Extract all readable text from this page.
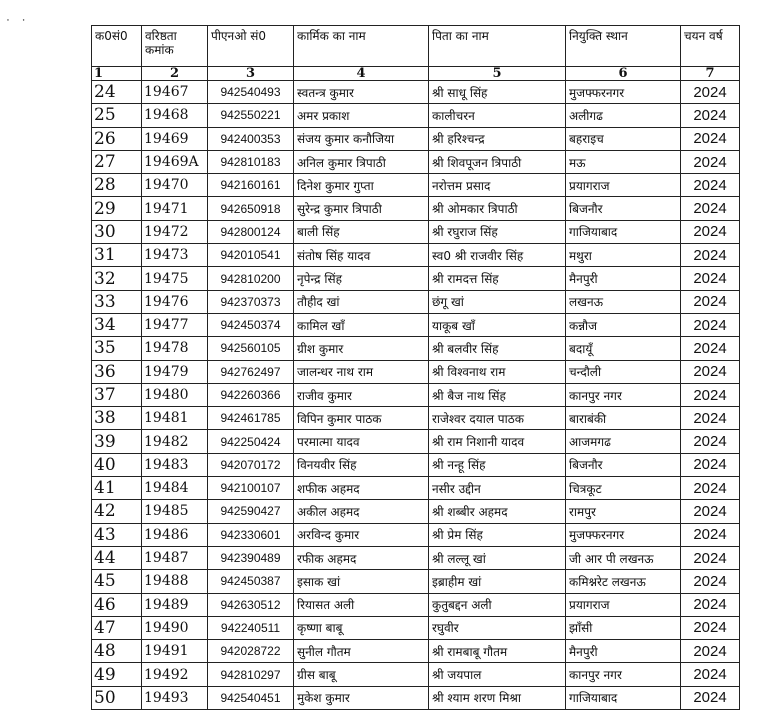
ॱ ॱ
क0सं0	वरिष्ठता कमांक	पीएनओ सं0	कार्मिक का नाम	पिता का नाम	नियुक्ति स्थान	चयन वर्ष
1	2	3	4	5	6	7
24	19467	942540493	स्वतन्त्र कुमार	श्री साधू सिंह	मुजफ्फरनगर	2024
25	19468	942550221	अमर प्रकाश	कालीचरन	अलीगढ	2024
26	19469	942400353	संजय कुमार कनौजिया	श्री हरिश्चन्द्र	बहराइच	2024
27	19469A	942810183	अनिल कुमार त्रिपाठी	श्री शिवपूजन त्रिपाठी	मऊ	2024
28	19470	942160161	दिनेश कुमार गुप्ता	नरोत्तम प्रसाद	प्रयागराज	2024
29	19471	942650918	सुरेन्द्र कुमार त्रिपाठी	श्री ओमकार त्रिपाठी	बिजनौर	2024
30	19472	942800124	बाली सिंह	श्री रघुराज सिंह	गाजियाबाद	2024
31	19473	942010541	संतोष सिंह यादव	स्व0 श्री राजवीर सिंह	मथुरा	2024
32	19475	942810200	नृपेन्द्र सिंह	श्री रामदत्त सिंह	मैनपुरी	2024
33	19476	942370373	तौहीद खां	छंगू खां	लखनऊ	2024
34	19477	942450374	कामिल खाँ	याकूब खाँ	कन्नौज	2024
35	19478	942560105	ग्रीश कुमार	श्री बलवीर सिंह	बदायूँ	2024
36	19479	942762497	जालन्धर नाथ राम	श्री विश्वनाथ राम	चन्दौली	2024
37	19480	942260366	राजीव कुमार	श्री बैज नाथ सिंह	कानपुर नगर	2024
38	19481	942461785	विपिन कुमार पाठक	राजेश्वर दयाल पाठक	बाराबंकी	2024
39	19482	942250424	परमात्मा यादव	श्री राम निशानी यादव	आजमगढ	2024
40	19483	942070172	विनयवीर सिंह	श्री नन्हू सिंह	बिजनौर	2024
41	19484	942100107	शफीक अहमद	नसीर उद्दीन	चित्रकूट	2024
42	19485	942590427	अकील अहमद	श्री शब्बीर अहमद	रामपुर	2024
43	19486	942330601	अरविन्द कुमार	श्री प्रेम सिंह	मुजफ्फरनगर	2024
44	19487	942390489	रफीक अहमद	श्री लल्लू खां	जी आर पी लखनऊ	2024
45	19488	942450387	इसाक खां	इब्राहीम खां	कमिश्नरेट लखनऊ	2024
46	19489	942630512	रियासत अली	कुतुबद्दन अली	प्रयागराज	2024
47	19490	942240511	कृष्णा बाबू	रघुवीर	झाँसी	2024
48	19491	942028722	सुनील गौतम	श्री रामबाबू गौतम	मैनपुरी	2024
49	19492	942810297	ग्रीस बाबू	श्री जयपाल	कानपुर नगर	2024
50	19493	942540451	मुकेश कुमार	श्री श्याम शरण मिश्रा	गाजियाबाद	2024
